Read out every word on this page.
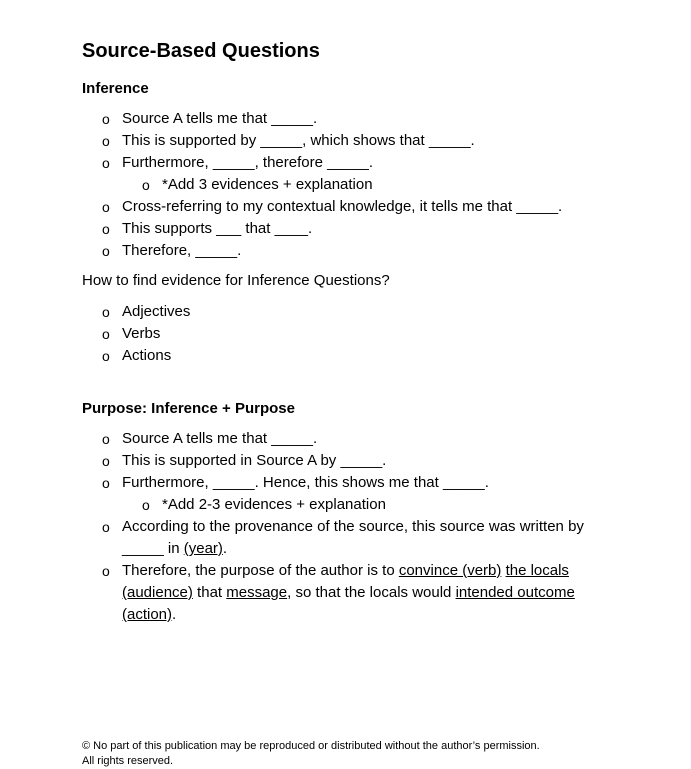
Source-Based Questions
Inference
o Source A tells me that _____.
o This is supported by _____, which shows that _____.
o Furthermore, _____, therefore _____.
o *Add 3 evidences + explanation
o Cross-referring to my contextual knowledge, it tells me that _____.
o This supports ___ that ____.
o Therefore, _____.

How to find evidence for Inference Questions?

o Adjectives
o Verbs
o Actions
Purpose: Inference + Purpose
o Source A tells me that _____.
o This is supported in Source A by _____.
o Furthermore, _____. Hence, this shows me that _____.
o *Add 2-3 evidences + explanation
o According to the provenance of the source, this source was written by
_____ in (year).
o Therefore, the purpose of the author is to convince (verb) the locals
(audience) that message, so that the locals would intended outcome
(action).

© No part of this publication may be reproduced or distributed without the author’s permission.
All rights reserved.
